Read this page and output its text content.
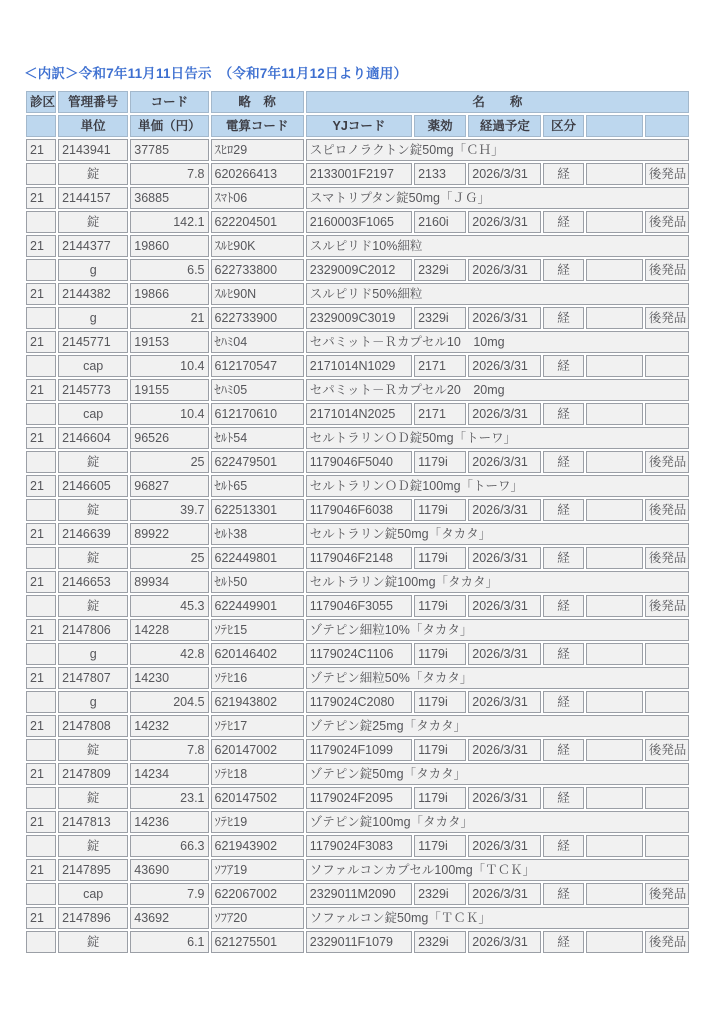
＜内訳＞令和7年11月11日告示　（令和7年11月12日より適用）
診区	管理番号	コード	略　称	名　　称					
	単位	単価（円）	電算コード	YJコード	薬効	経過予定	区分		
21	2143941	37785	ｽﾋﾛ29	スピロノラクトン錠50mg「ＣＨ」					
	錠	7.8	620266413	2133001F2197	2133	2026/3/31	経		後発品
21	2144157	36885	ｽﾏﾄ06	スマトリプタン錠50mg「ＪＧ」					
	錠	142.1	622204501	2160003F1065	2160i	2026/3/31	経		後発品
21	2144377	19860	ｽﾙﾋ90K	スルピリド10%細粒					
	g	6.5	622733800	2329009C2012	2329i	2026/3/31	経		後発品
21	2144382	19866	ｽﾙﾋ90N	スルピリド50%細粒					
	g	21	622733900	2329009C3019	2329i	2026/3/31	経		後発品
21	2145771	19153	ｾﾊﾐ04	セパミット－Ｒカプセル10　10mg					
	cap	10.4	612170547	2171014N1029	2171	2026/3/31	経		
21	2145773	19155	ｾﾊﾐ05	セパミット－Ｒカプセル20　20mg					
	cap	10.4	612170610	2171014N2025	2171	2026/3/31	経		
21	2146604	96526	ｾﾙﾄ54	セルトラリンＯＤ錠50mg「トーワ」					
	錠	25	622479501	1179046F5040	1179i	2026/3/31	経		後発品
21	2146605	96827	ｾﾙﾄ65	セルトラリンＯＤ錠100mg「トーワ」					
	錠	39.7	622513301	1179046F6038	1179i	2026/3/31	経		後発品
21	2146639	89922	ｾﾙﾄ38	セルトラリン錠50mg「タカタ」					
	錠	25	622449801	1179046F2148	1179i	2026/3/31	経		後発品
21	2146653	89934	ｾﾙﾄ50	セルトラリン錠100mg「タカタ」					
	錠	45.3	622449901	1179046F3055	1179i	2026/3/31	経		後発品
21	2147806	14228	ｿﾃﾋ15	ゾテピン細粒10%「タカタ」					
	g	42.8	620146402	1179024C1106	1179i	2026/3/31	経		
21	2147807	14230	ｿﾃﾋ16	ゾテピン細粒50%「タカタ」					
	g	204.5	621943802	1179024C2080	1179i	2026/3/31	経		
21	2147808	14232	ｿﾃﾋ17	ゾテピン錠25mg「タカタ」					
	錠	7.8	620147002	1179024F1099	1179i	2026/3/31	経		後発品
21	2147809	14234	ｿﾃﾋ18	ゾテピン錠50mg「タカタ」					
	錠	23.1	620147502	1179024F2095	1179i	2026/3/31	経		
21	2147813	14236	ｿﾃﾋ19	ゾテピン錠100mg「タカタ」					
	錠	66.3	621943902	1179024F3083	1179i	2026/3/31	経		
21	2147895	43690	ｿﾌｱ19	ソファルコンカプセル100mg「ＴＣＫ」					
	cap	7.9	622067002	2329011M2090	2329i	2026/3/31	経		後発品
21	2147896	43692	ｿﾌｱ20	ソファルコン錠50mg「ＴＣＫ」					
	錠	6.1	621275501	2329011F1079	2329i	2026/3/31	経		後発品
